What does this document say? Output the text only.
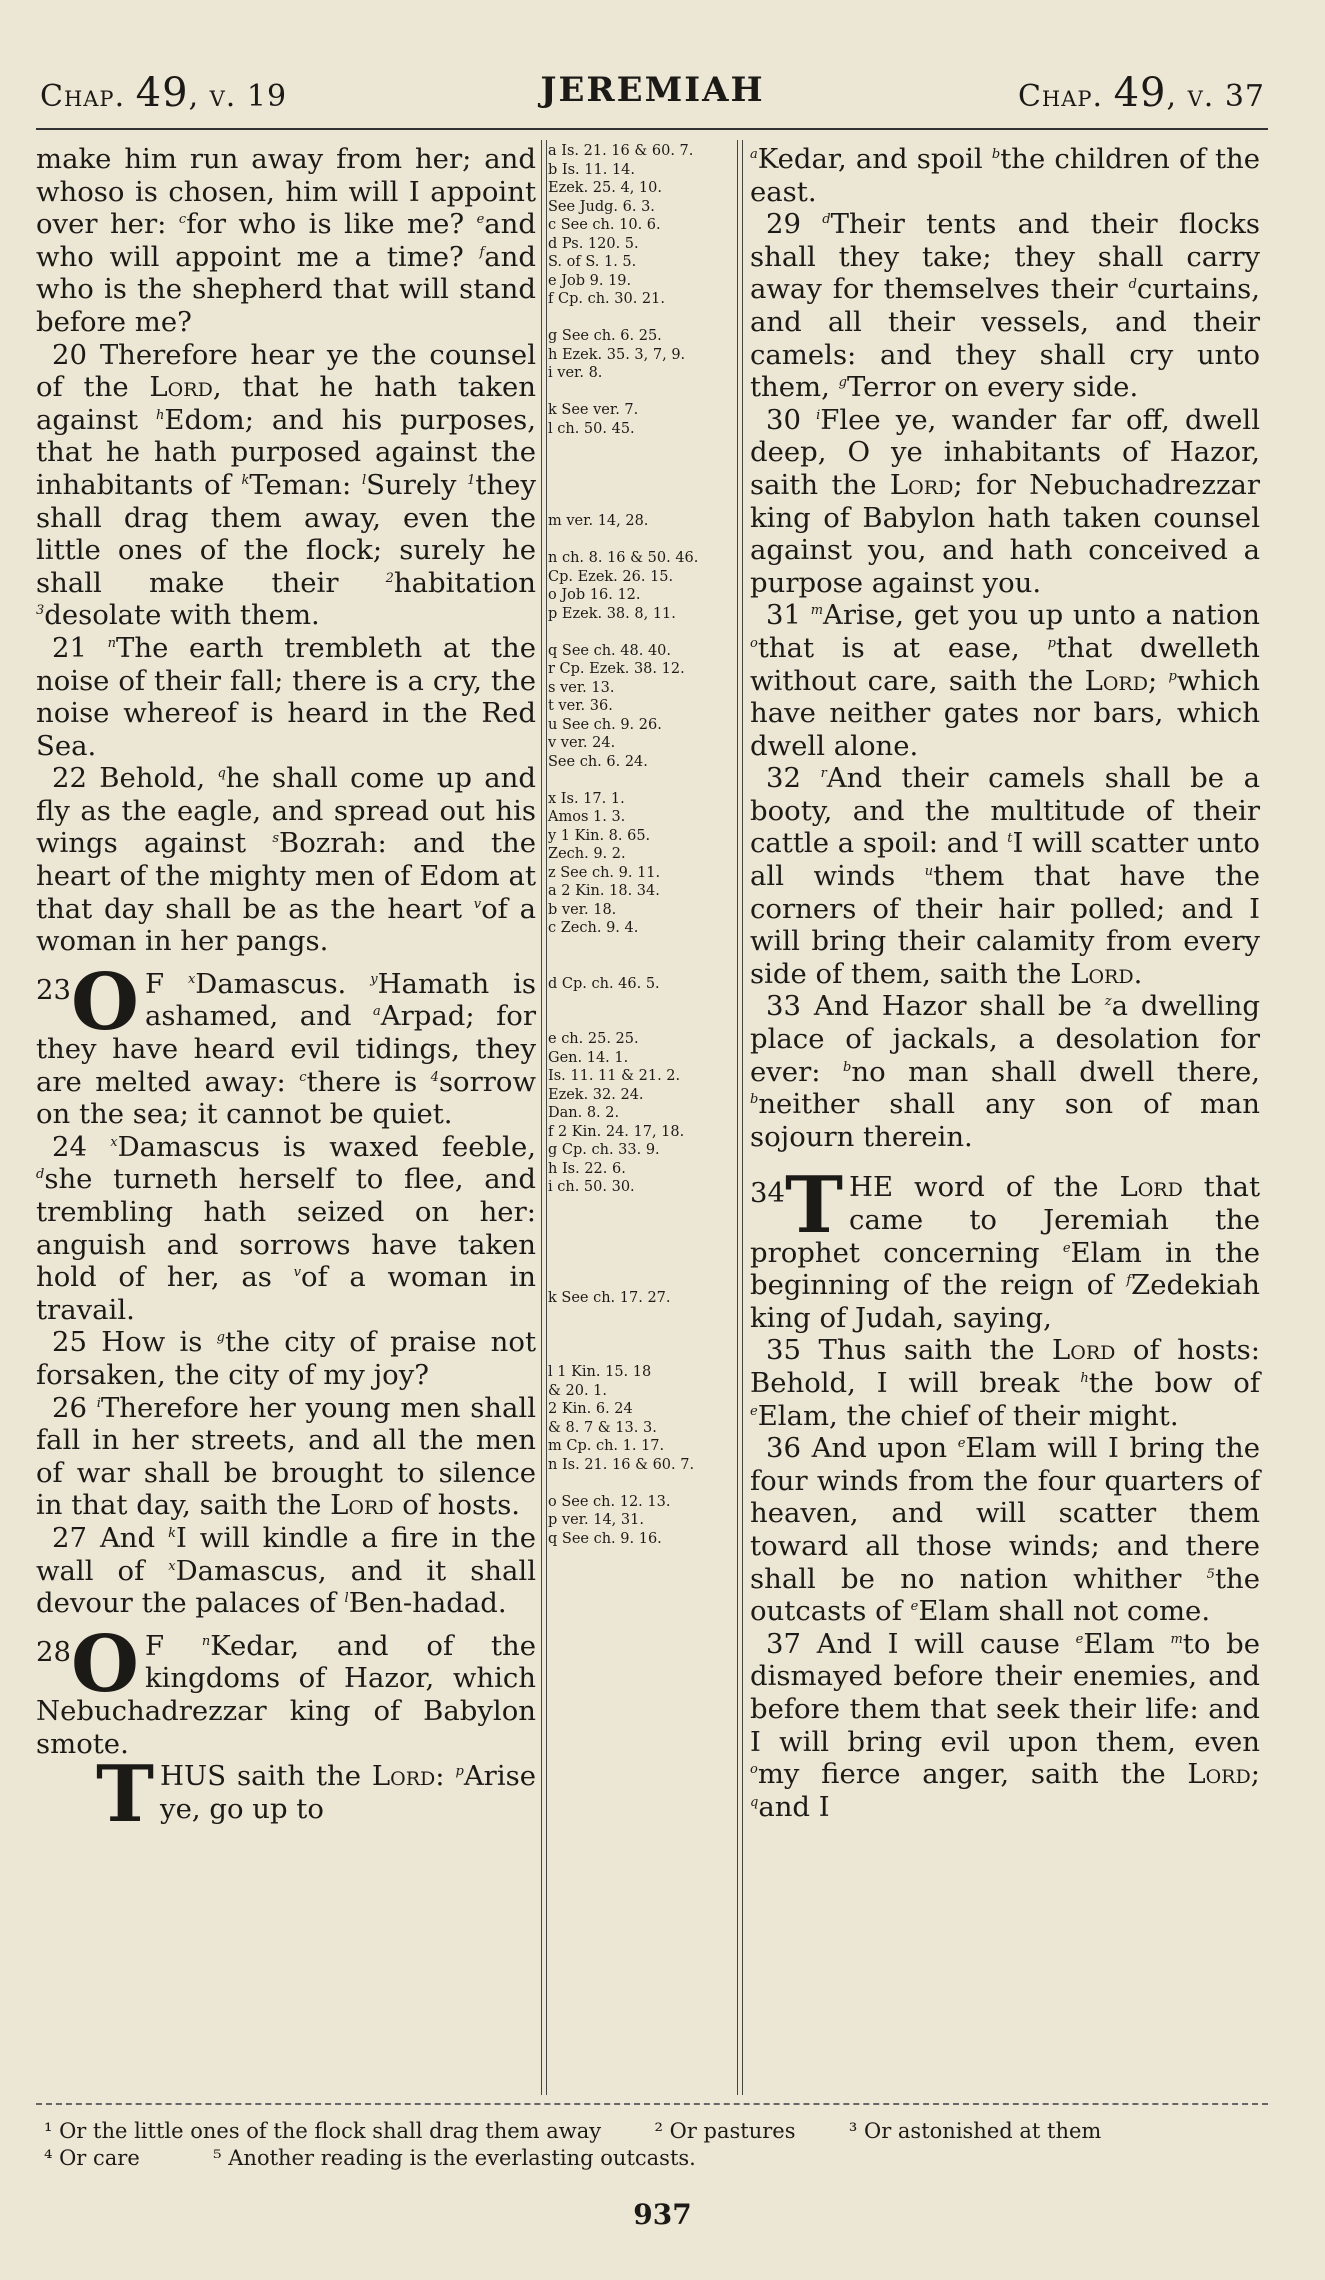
Chap. 49, v. 19	JEREMIAH	Chap. 49, v. 37

make him run away from her; and whoso is chosen, him will I appoint over her: $^c$for who is like me? $^e$and who will appoint me a time? $^f$and who is the shepherd that will stand before me?

20 Therefore hear ye the counsel of the Lord, that he hath taken against $^h$Edom; and his purposes, that he hath purposed against the inhabitants of $^k$Teman: $^l$Surely $^1$they shall drag them away, even the little ones of the flock; surely he shall make their $^2$habitation $^3$desolate with them.

21 $^n$The earth trembleth at the noise of their fall; there is a cry, the noise whereof is heard in the Red Sea.

22 Behold, $^q$he shall come up and fly as the eagle, and spread out his wings against $^s$Bozrah: and the heart of the mighty men of Edom at that day shall be as the heart $^v$of a woman in her pangs.

23 O F $^x$Damascus. $^y$Hamath is ashamed, and $^a$Arpad; for they have heard evil tidings, they are melted away: $^c$there is $^4$sorrow on the sea; it cannot be quiet.

24 $^x$Damascus is waxed feeble, $^d$she turneth herself to flee, and trembling hath seized on her: anguish and sorrows have taken hold of her, as $^v$of a woman in travail.

25 How is $^g$the city of praise not forsaken, the city of my joy?

26 $^i$Therefore her young men shall fall in her streets, and all the men of war shall be brought to silence in that day, saith the Lord of hosts.

27 And $^k$I will kindle a fire in the wall of $^x$Damascus, and it shall devour the palaces of $^l$Ben-hadad.

28 O F $^n$Kedar, and of the kingdoms of Hazor, which Nebuchadrezzar king of Babylon smote.

T HUS saith the Lord: $^p$Arise ye, go up to

a Is. 21. 16 & 60. 7.
b Is. 11. 14.
Ezek. 25. 4, 10.
See Judg. 6. 3.
c See ch. 10. 6.
d Ps. 120. 5.
S. of S. 1. 5.
e Job 9. 19.
f Cp. ch. 30. 21.

g See ch. 6. 25.
h Ezek. 35. 3, 7, 9.
i ver. 8.

k See ver. 7.
l ch. 50. 45.

m ver. 14, 28.

n ch. 8. 16 & 50. 46.
Cp. Ezek. 26. 15.
o Job 16. 12.
p Ezek. 38. 8, 11.

q See ch. 48. 40.
r Cp. Ezek. 38. 12.
s ver. 13.
t ver. 36.
u See ch. 9. 26.
v ver. 24.
See ch. 6. 24.

x Is. 17. 1.
Amos 1. 3.
y 1 Kin. 8. 65.
Zech. 9. 2.
z See ch. 9. 11.
a 2 Kin. 18. 34.
b ver. 18.
c Zech. 9. 4.

d Cp. ch. 46. 5.

e ch. 25. 25.
Gen. 14. 1.
Is. 11. 11 & 21. 2.
Ezek. 32. 24.
Dan. 8. 2.
f 2 Kin. 24. 17, 18.
g Cp. ch. 33. 9.
h Is. 22. 6.
i ch. 50. 30.

k See ch. 17. 27.

l 1 Kin. 15. 18
& 20. 1.
2 Kin. 6. 24
& 8. 7 & 13. 3.
m Cp. ch. 1. 17.
n Is. 21. 16 & 60. 7.

o See ch. 12. 13.
p ver. 14, 31.
q See ch. 9. 16.

$^a$Kedar, and spoil $^b$the children of the east.

29 $^d$Their tents and their flocks shall they take; they shall carry away for themselves their $^d$curtains, and all their vessels, and their camels: and they shall cry unto them, $^g$Terror on every side.

30 $^i$Flee ye, wander far off, dwell deep, O ye inhabitants of Hazor, saith the Lord; for Nebuchadrezzar king of Babylon hath taken counsel against you, and hath conceived a purpose against you.

31 $^m$Arise, get you up unto a nation $^o$that is at ease, $^p$that dwelleth without care, saith the Lord; $^p$which have neither gates nor bars, which dwell alone.

32 $^r$And their camels shall be a booty, and the multitude of their cattle a spoil: and $^t$I will scatter unto all winds $^u$them that have the corners of their hair polled; and I will bring their calamity from every side of them, saith the Lord.

33 And Hazor shall be $^z$a dwelling place of jackals, a desolation for ever: $^b$no man shall dwell there, $^b$neither shall any son of man sojourn therein.

34 T HE word of the Lord that came to Jeremiah the prophet concerning $^e$Elam in the beginning of the reign of $^f$Zedekiah king of Judah, saying,

35 Thus saith the Lord of hosts: Behold, I will break $^h$the bow of $^e$Elam, the chief of their might.

36 And upon $^e$Elam will I bring the four winds from the four quarters of heaven, and will scatter them toward all those winds; and there shall be no nation whither $^5$the outcasts of $^e$Elam shall not come.

37 And I will cause $^e$Elam $^m$to be dismayed before their enemies, and before them that seek their life: and I will bring evil upon them, even $^o$my fierce anger, saith the Lord; $^q$and I

¹ Or the little ones of the flock shall drag them away	² Or pastures	³ Or astonished at them
⁴ Or care	⁵ Another reading is the everlasting outcasts.
937
